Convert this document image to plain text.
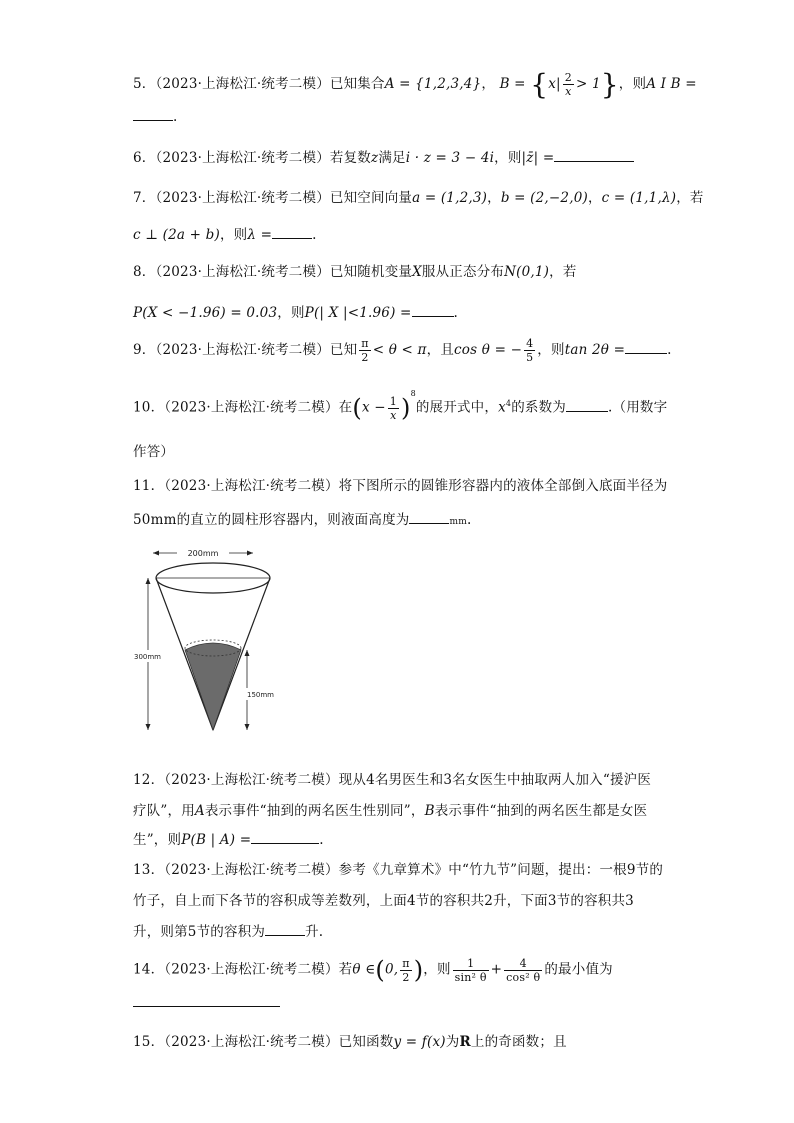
5．（2023·上海松江·统考二模）已知集合A = {1,2,3,4}， $B = \{x| \frac{2}{x} > 1\}$，则A I B =
.
6．（2023·上海松江·统考二模）若复数z满足i · z = 3 − 4i，则|z̄| =
7．（2023·上海松江·统考二模）已知空间向量a = (1,2,3)，b = (2,−2,0)，c = (1,1,λ)，若
c ⊥ (2a + b)，则λ =	.
8．（2023·上海松江·统考二模）已知随机变量X服从正态分布N(0,1)，若
P(X < −1.96) = 0.03，则P(| X |<1.96) =	.
9．（2023·上海松江·统考二模）已知 $\frac{\pi}{2} < \theta < \pi$，且cos θ = − $\frac{4}{5}$ ，则tan 2θ =	.
10．（2023·上海松江·统考二模）在$(x - \frac{1}{x} )^8$的展开式中，$x^4$的系数为	.（用数字
作答）
11．（2023·上海松江·统考二模）将下图所示的圆锥形容器内的液体全部倒入底面半径为
50mm的直立的圆柱形容器内，则液面高度为	mm.
200mm
300mm
150mm
12．（2023·上海松江·统考二模）现从4名男医生和3名女医生中抽取两人加入“援沪医
疗队”，用A表示事件“抽到的两名医生性别同”，B表示事件“抽到的两名医生都是女医
生”，则P(B | A) =	.
13．（2023·上海松江·统考二模）参考《九章算术》中“竹九节”问题，提出：一根9节的
竹子，自上而下各节的容积成等差数列，上面4节的容积共2升，下面3节的容积共3
升，则第5节的容积为	升.
14．（2023·上海松江·统考二模）若θ ∈(0, $\frac{\pi}{2}$ )，则 $\frac{1}{\text{sin² θ}} + \frac{4}{\text{cos² θ}}$ 的最小值为
15．（2023·上海松江·统考二模）已知函数y = f(x)为R上的奇函数；且
